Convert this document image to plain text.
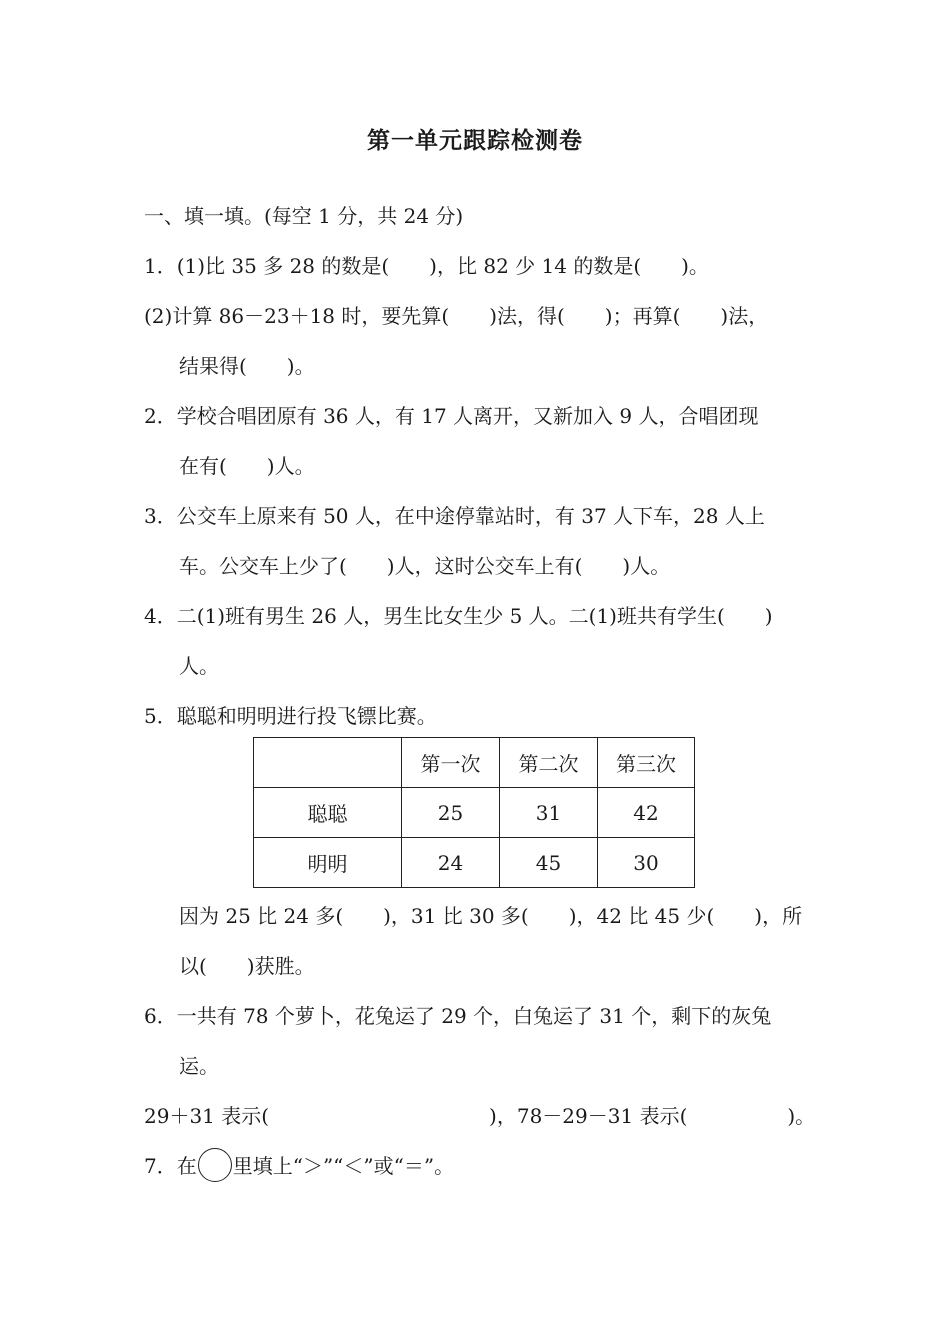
第一单元跟踪检测卷
一、填一填。(每空 1 分，共 24 分)
1．(1)比 35 多 28 的数是(　　)，比 82 少 14 的数是(　　)。
(2)计算 86－23＋18 时，要先算(　　)法，得(　　)；再算(　　)法，
结果得(　　)。
2．学校合唱团原有 36 人，有 17 人离开，又新加入 9 人，合唱团现
在有(　　)人。
3．公交车上原来有 50 人，在中途停靠站时，有 37 人下车，28 人上
车。公交车上少了(　　)人，这时公交车上有(　　)人。
4．二(1)班有男生 26 人，男生比女生少 5 人。二(1)班共有学生(　　)
人。
5．聪聪和明明进行投飞镖比赛。
	第一次	第二次	第三次
聪聪	25	31	42
明明	24	45	30
因为 25 比 24 多(　　)，31 比 30 多(　　)，42 比 45 少(　　)，所
以(　　)获胜。
6．一共有 78 个萝卜，花兔运了 29 个，白兔运了 31 个，剩下的灰兔
运。
29＋31 表示(　　　　　　　　　　　)，78－29－31 表示(　　　　　)。
7．在 里填上“＞”“＜”或“＝”。
